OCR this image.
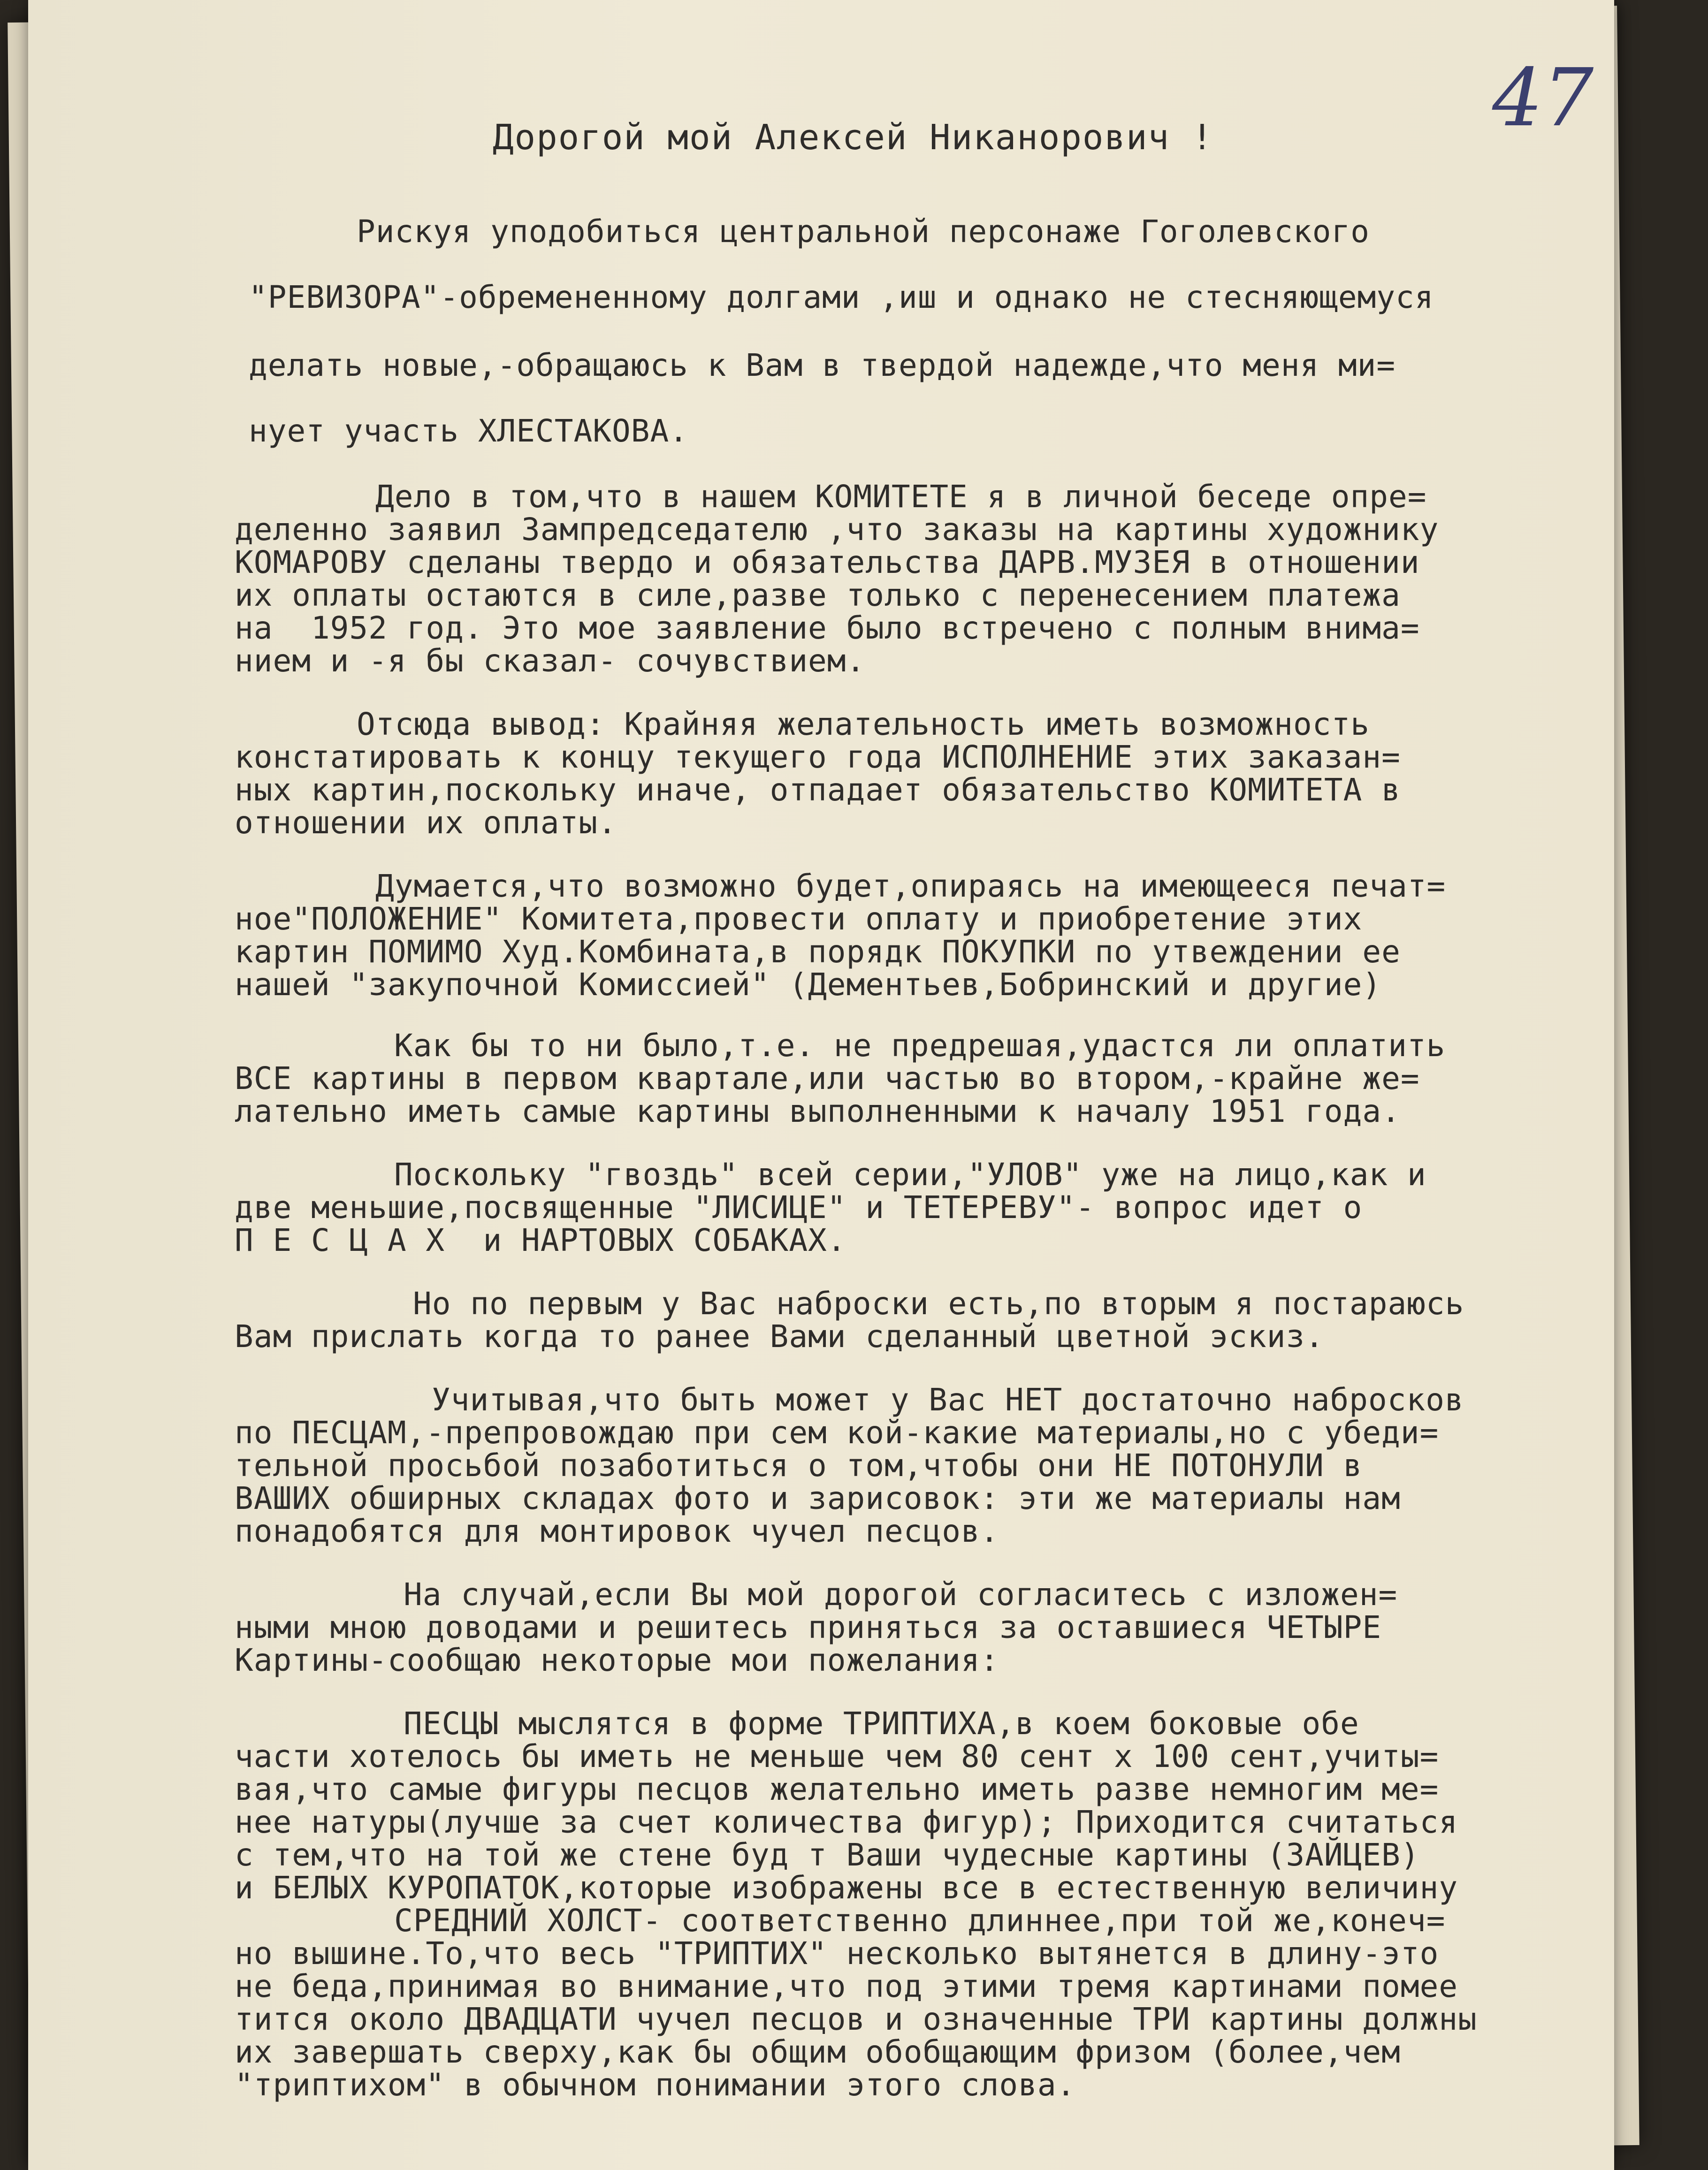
47
Дорогой мой Алексей Никанорович !
Рискуя уподобиться центральной персонаже Гоголевского
"РЕВИЗОРА"-обремененному долгами ,иш и однако не стесняющемуся
делать новые,-обращаюсь к Вам в твердой надежде,что меня ми=
нует участь ХЛЕСТАКОВА.
Дело в том,что в нашем КОМИТЕТЕ я в личной беседе опре=
деленно заявил Зампредседателю ,что заказы на картины художнику
КОМАРОВУ сделаны твердо и обязательства ДАРВ.МУЗЕЯ в отношении
их оплаты остаются в силе,разве только с перенесением платежа
на  1952 год. Это мое заявление было встречено с полным внима=
нием и -я бы сказал- сочувствием.
Отсюда вывод: Крайняя желательность иметь возможность
констатировать к концу текущего года ИСПОЛНЕНИЕ этих заказан=
ных картин,поскольку иначе, отпадает обязательство КОМИТЕТА в
отношении их оплаты.
Думается,что возможно будет,опираясь на имеющееся печат=
ное"ПОЛОЖЕНИЕ" Комитета,провести оплату и приобретение этих
картин ПОМИМО Худ.Комбината,в порядк ПОКУПКИ по утвеждении ее
нашей "закупочной Комиссией" (Дементьев,Бобринский и другие)
Как бы то ни было,т.е. не предрешая,удастся ли оплатить
ВСЕ картины в первом квартале,или частью во втором,-крайне же=
лательно иметь самые картины выполненными к началу 1951 года.
Поскольку "гвоздь" всей серии,"УЛОВ" уже на лицо,как и
две меньшие,посвященные "ЛИСИЦЕ" и ТЕТЕРЕВУ"- вопрос идет о
П Е С Ц А Х  и НАРТОВЫХ СОБАКАХ.
Но по первым у Вас наброски есть,по вторым я постараюсь
Вам прислать когда то ранее Вами сделанный цветной эскиз.
Учитывая,что быть может у Вас НЕТ достаточно набросков
по ПЕСЦАМ,-препровождаю при сем кой-какие материалы,но с убеди=
тельной просьбой позаботиться о том,чтобы они НЕ ПОТОНУЛИ в
ВАШИХ обширных складах фото и зарисовок: эти же материалы нам
понадобятся для монтировок чучел песцов.
На случай,если Вы мой дорогой согласитесь с изложен=
ными мною доводами и решитесь приняться за оставшиеся ЧЕТЫРЕ
Картины-сообщаю некоторые мои пожелания:
ПЕСЦЫ мыслятся в форме ТРИПТИХА,в коем боковые обе
части хотелось бы иметь не меньше чем 80 сент х 100 сент,учиты=
вая,что самые фигуры песцов желательно иметь разве немногим ме=
нее натуры(лучше за счет количества фигур); Приходится считаться
с тем,что на той же стене буд т Ваши чудесные картины (ЗАЙЦЕВ)
и БЕЛЫХ КУРОПАТОК,которые изображены все в естественную величину
СРЕДНИЙ ХОЛСТ- соответственно длиннее,при той же,конеч=
но вышине.То,что весь "ТРИПТИХ" несколько вытянется в длину-это
не беда,принимая во внимание,что под этими тремя картинами помее
тится около ДВАДЦАТИ чучел песцов и означенные ТРИ картины должны
их завершать сверху,как бы общим обобщающим фризом (более,чем
"триптихом" в обычном понимании этого слова.
